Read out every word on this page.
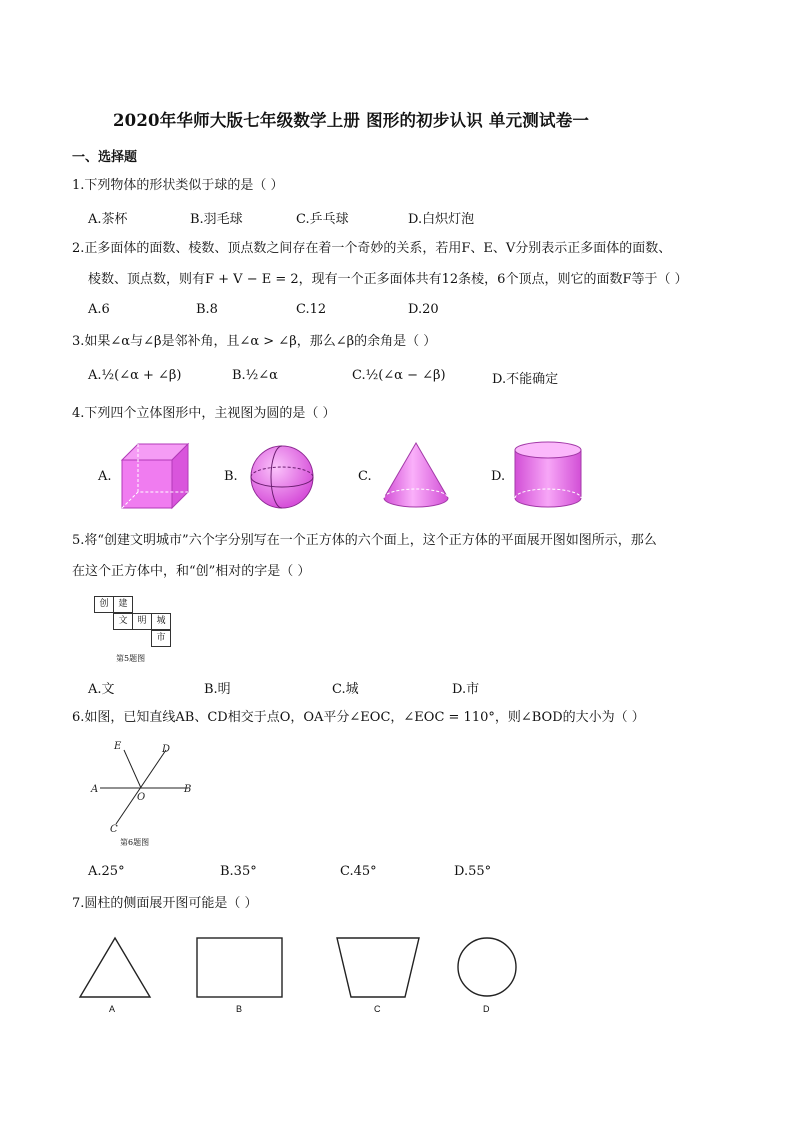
2020年华师大版七年级数学上册 图形的初步认识 单元测试卷一
一、选择题
1.下列物体的形状类似于球的是（ ）
A.茶杯	B.羽毛球	C.乒乓球	D.白炽灯泡
2.正多面体的面数、棱数、顶点数之间存在着一个奇妙的关系，若用F、E、V分别表示正多面体的面数、
棱数、顶点数，则有F + V − E = 2，现有一个正多面体共有12条棱，6个顶点，则它的面数F等于（ ）
A.6	B.8	C.12	D.20
3.如果∠α与∠β是邻补角，且∠α > ∠β，那么∠β的余角是（ ）
A.½(∠α + ∠β)	B.½∠α	C.½(∠α − ∠β)	D.不能确定
4.下列四个立体图形中，主视图为圆的是（ ）
A.	B.	C.	D.
5.将“创建文明城市”六个字分别写在一个正方体的六个面上，这个正方体的平面展开图如图所示，那么
在这个正方体中，和“创”相对的字是（ ）
创	建
文	明	城
市
第5题图
A.文	B.明	C.城	D.市
6.如图，已知直线AB、CD相交于点O，OA平分∠EOC，∠EOC = 110°，则∠BOD的大小为（ ）
E	D
A
O
B
C
第6题图
A.25°	B.35°	C.45°	D.55°
7.圆柱的侧面展开图可能是（ ）
A	B	C	D
